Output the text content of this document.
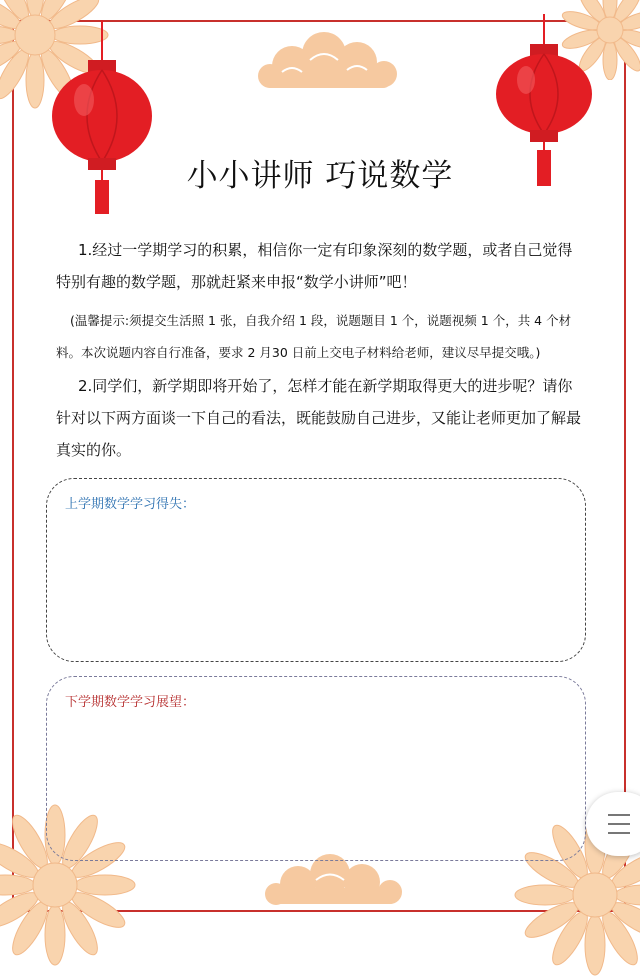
小小讲师 巧说数学
1.经过一学期学习的积累，相信你一定有印象深刻的数学题，或者自己觉得特别有趣的数学题，那就赶紧来申报“数学小讲师”吧！
(温馨提示:须提交生活照 1 张，自我介绍 1 段，说题题目 1 个，说题视频 1 个，共 4 个材料。本次说题内容自行准备，要求 2 月30 日前上交电子材料给老师，建议尽早提交哦。)
2.同学们，新学期即将开始了，怎样才能在新学期取得更大的进步呢？请你针对以下两方面谈一下自己的看法，既能鼓励自己进步，又能让老师更加了解最真实的你。
上学期数学学习得失：
下学期数学学习展望：
